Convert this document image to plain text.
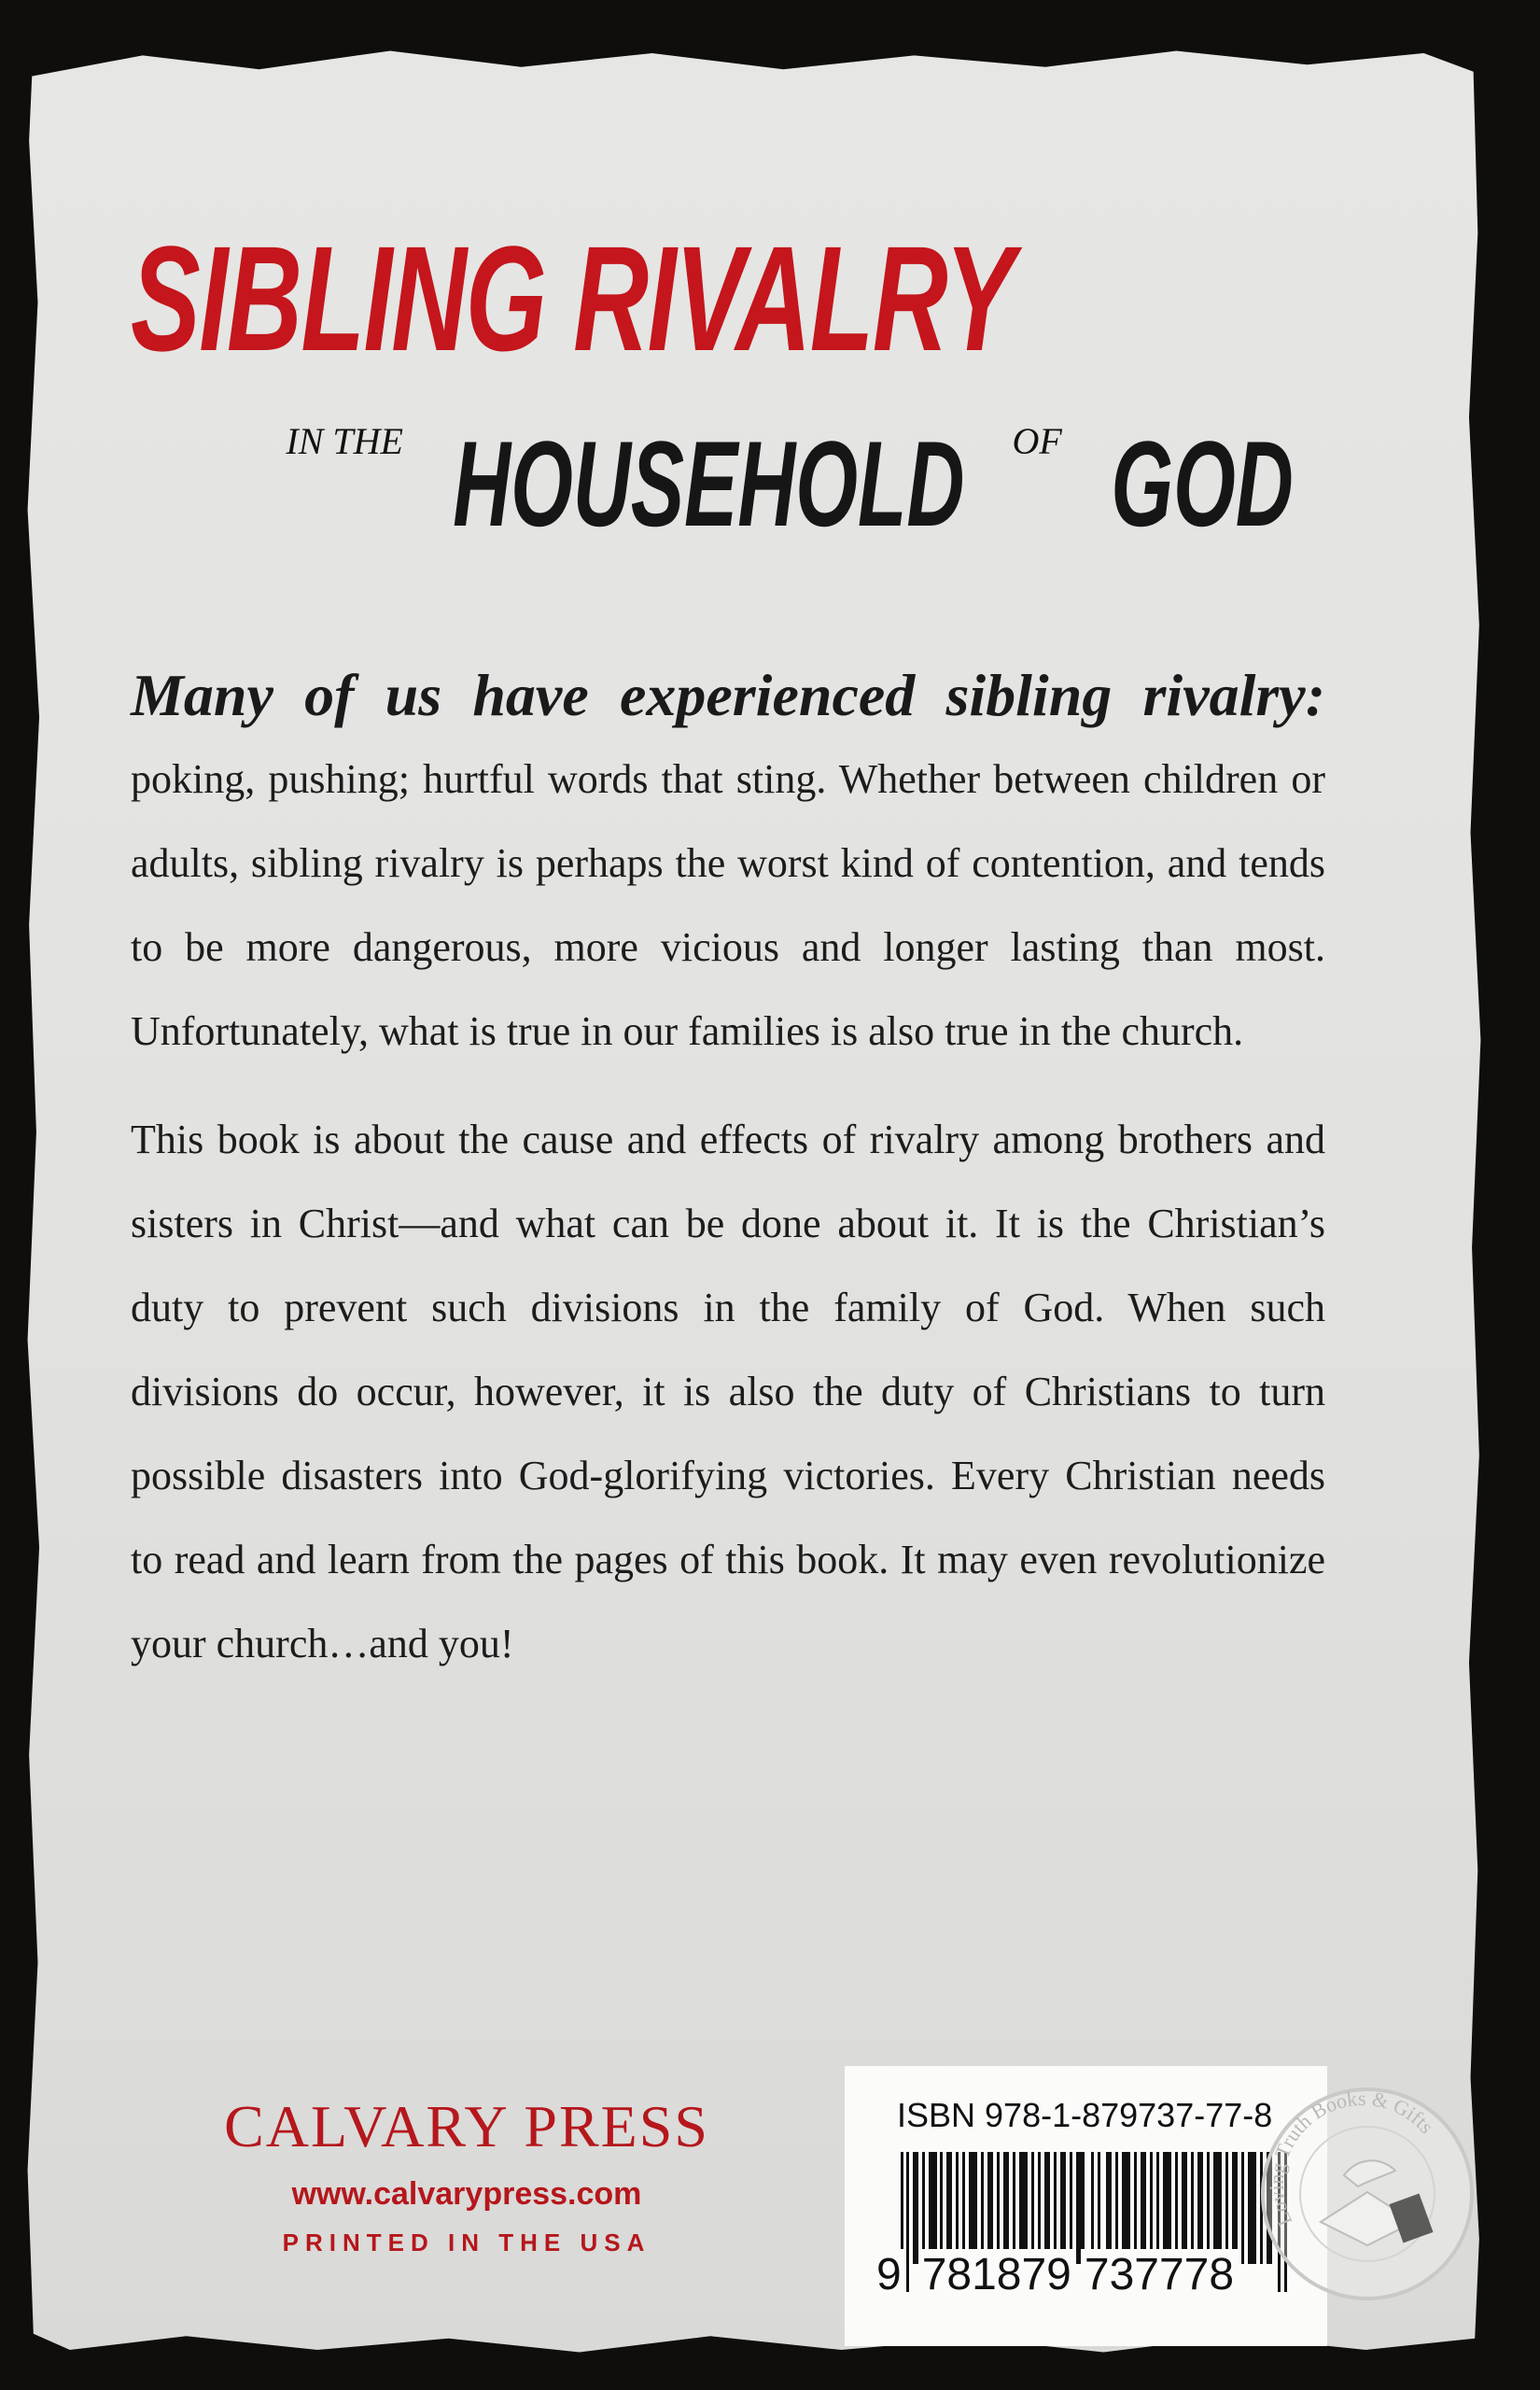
SIBLING RIVALRY
IN THE HOUSEHOLD OF GOD
Many of us have experienced sibling rivalry:

poking, pushing; hurtful words that sting. Whether between children or adults, sibling rivalry is perhaps the worst kind of contention, and tends to be more dangerous, more vicious and longer lasting than most. Unfortunately, what is true in our families is also true in the church.

This book is about the cause and effects of rivalry among brothers and sisters in Christ—and what can be done about it. It is the Christian’s duty to prevent such divisions in the family of God. When such divisions do occur, however, it is also the duty of Christians to turn possible disasters into God-glorifying victories. Every Christian needs to read and learn from the pages of this book. It may even revolutionize your church…and you!

CALVARY PRESS
www.calvarypress.com
PRINTED IN THE USA
ISBN 978-1-879737-77-8
9 781879 737778
Loving Truth Books & Gifts
